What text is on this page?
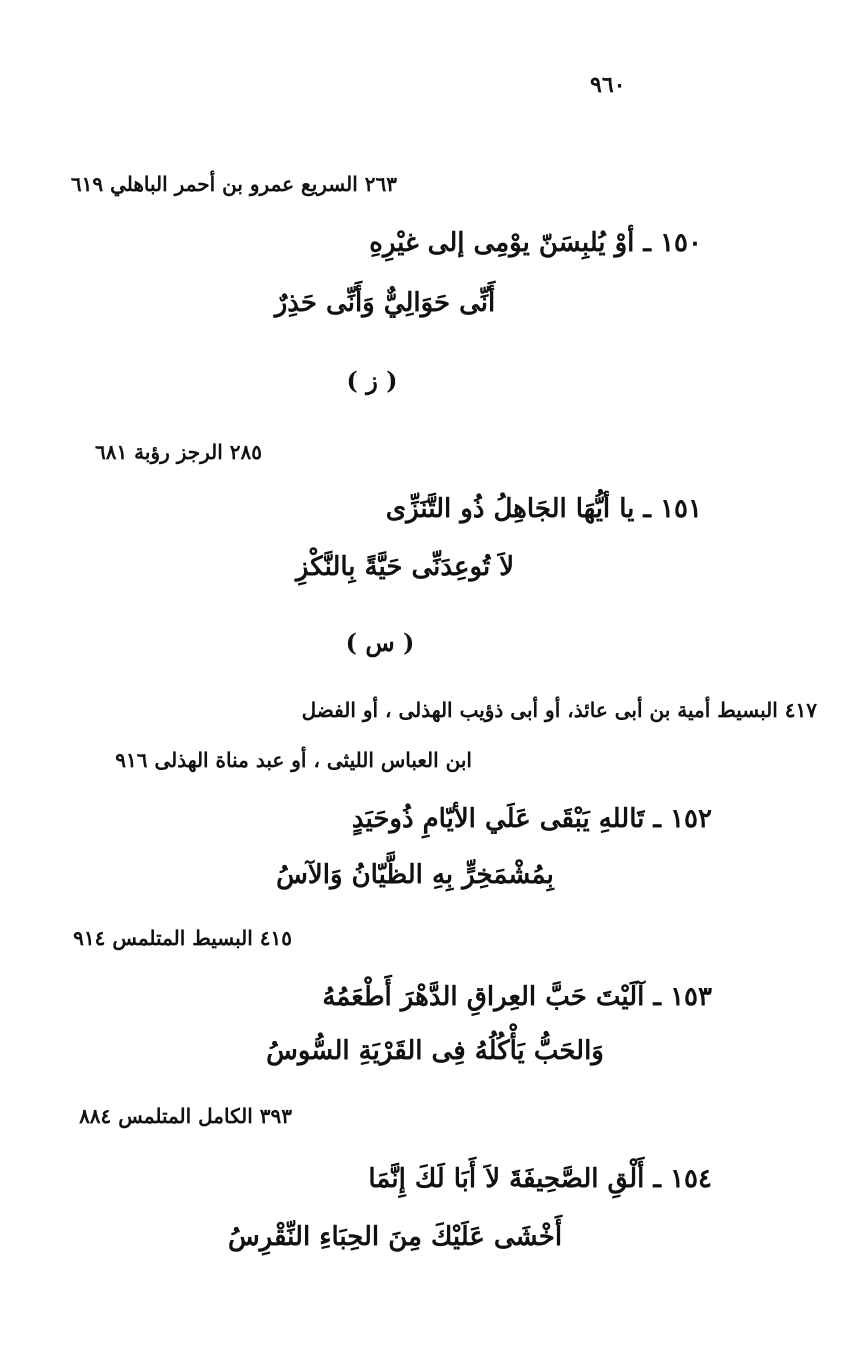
٩٦٠
٢٦٣ السريع عمرو بن أحمر الباهلي ٦١٩
١٥٠ ـ أوْ يُلبِسَنّ يوْمِى إلى غيْرِهِ
أَنِّى حَوَالِيٌّ وَأَنِّى حَذِرٌ
( ز )
٢٨٥ الرجز رؤبة ٦٨١
١٥١ ـ يا أيُّهَا الجَاهِلُ ذُو التَّنَزِّى
لاَ تُوعِدَنِّى حَيَّةً بِالنَّكْزِ
( س )
٤١٧ البسيط أمية بن أبى عائذ، أو أبى ذؤيب الهذلى ، أو الفضل
ابن العباس الليثى ، أو عبد مناة الهذلى ٩١٦
١٥٢ ـ تَاللهِ يَبْقَى عَلَي الأيّامِ ذُوحَيَدٍ
بِمُشْمَخِرٍّ بِهِ الظَّيّانُ وَالآسُ
٤١٥ البسيط المتلمس ٩١٤
١٥٣ ـ آلَيْتَ حَبَّ العِراقِ الدَّهْرَ أَطْعَمُهُ
وَالحَبُّ يَأْكُلُهُ فِى القَرْيَةِ السُّوسُ
٣٩٣ الكامل المتلمس ٨٨٤
١٥٤ ـ أَلْقِ الصَّحِيفَةَ لاَ أَبَا لَكَ إِنَّمَا
أَخْشَى عَلَيْكَ مِنَ الحِبَاءِ النِّقْرِسُ
